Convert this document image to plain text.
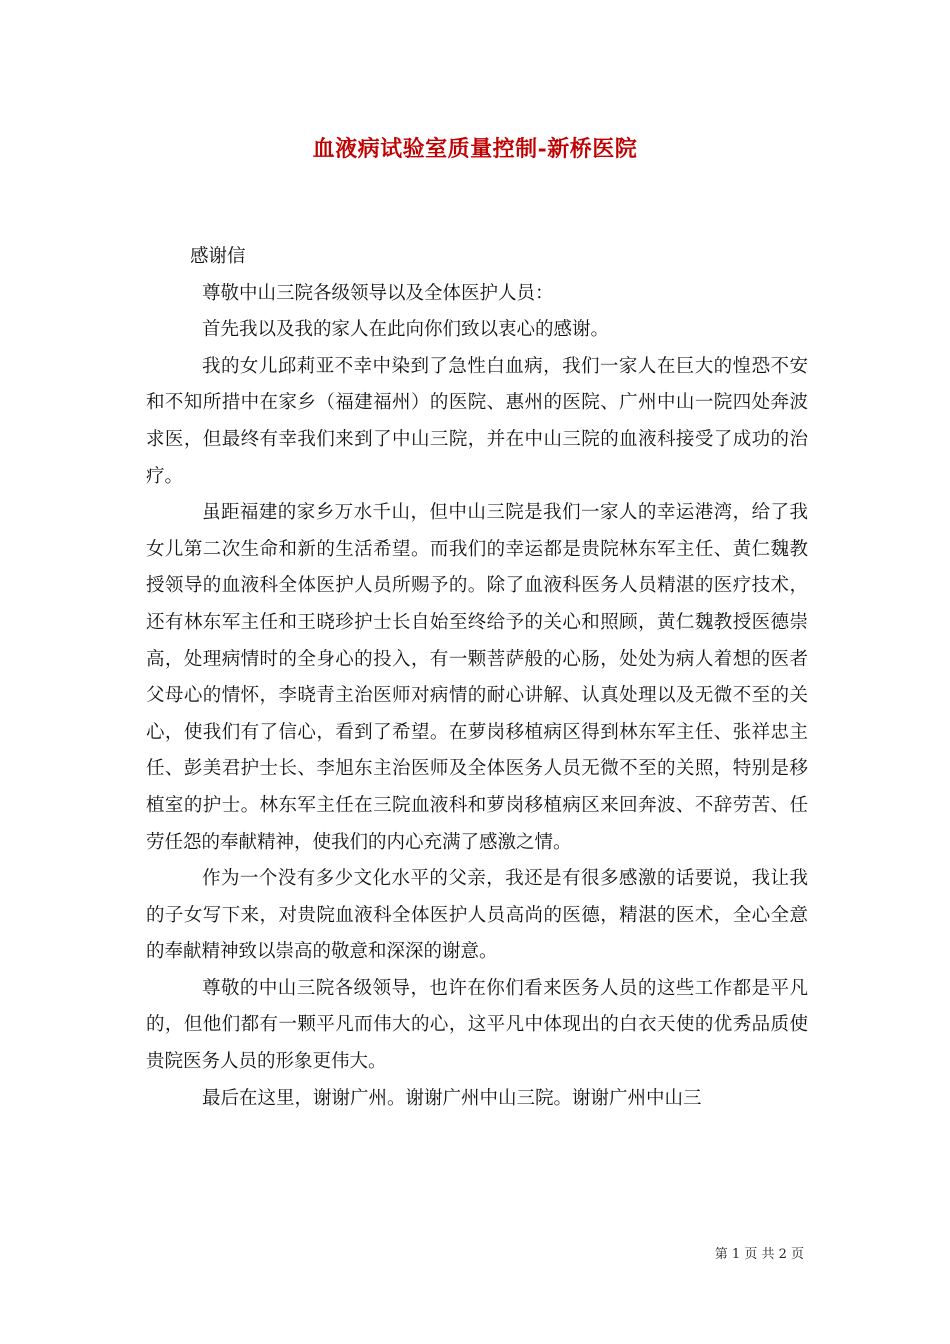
血液病试验室质量控制-新桥医院

感谢信

尊敬中山三院各级领导以及全体医护人员：

首先我以及我的家人在此向你们致以衷心的感谢。

我的女儿邱莉亚不幸中染到了急性白血病，我们一家人在巨大的惶恐不安和不知所措中在家乡（福建福州）的医院、惠州的医院、广州中山一院四处奔波求医，但最终有幸我们来到了中山三院，并在中山三院的血液科接受了成功的治疗。

虽距福建的家乡万水千山，但中山三院是我们一家人的幸运港湾，给了我女儿第二次生命和新的生活希望。而我们的幸运都是贵院林东军主任、黄仁魏教授领导的血液科全体医护人员所赐予的。除了血液科医务人员精湛的医疗技术，还有林东军主任和王晓珍护士长自始至终给予的关心和照顾，黄仁魏教授医德崇高，处理病情时的全身心的投入，有一颗菩萨般的心肠，处处为病人着想的医者父母心的情怀，李晓青主治医师对病情的耐心讲解、认真处理以及无微不至的关心，使我们有了信心，看到了希望。在萝岗移植病区得到林东军主任、张祥忠主任、彭美君护士长、李旭东主治医师及全体医务人员无微不至的关照，特别是移植室的护士。林东军主任在三院血液科和萝岗移植病区来回奔波、不辞劳苦、任劳任怨的奉献精神，使我们的内心充满了感激之情。

作为一个没有多少文化水平的父亲，我还是有很多感激的话要说，我让我的子女写下来，对贵院血液科全体医护人员高尚的医德，精湛的医术，全心全意的奉献精神致以崇高的敬意和深深的谢意。

尊敬的中山三院各级领导，也许在你们看来医务人员的这些工作都是平凡的，但他们都有一颗平凡而伟大的心，这平凡中体现出的白衣天使的优秀品质使贵院医务人员的形象更伟大。

最后在这里，谢谢广州。谢谢广州中山三院。谢谢广州中山三

第 1 页 共 2 页
